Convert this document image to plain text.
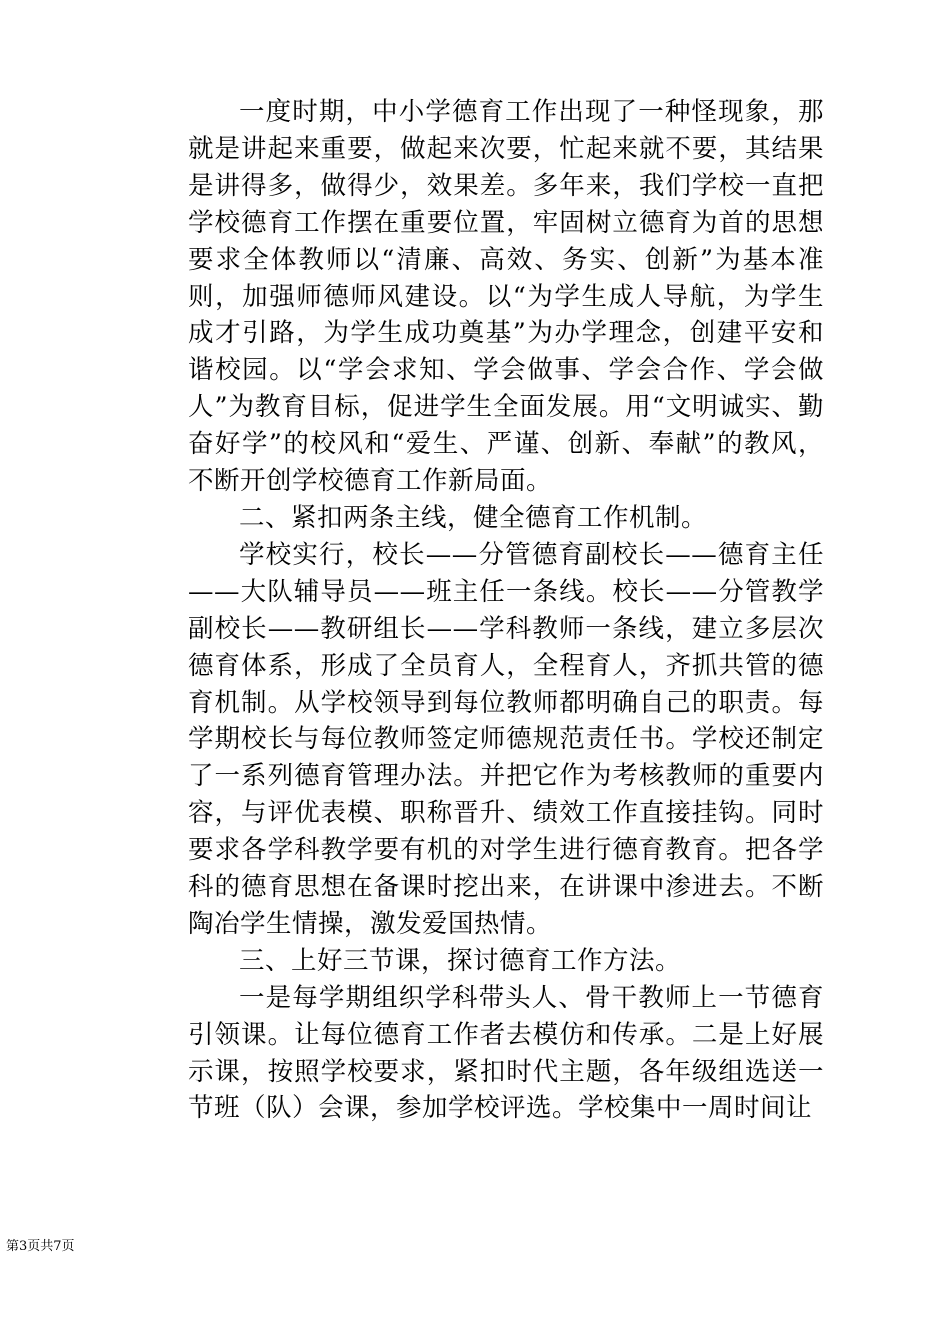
一度时期，中小学德育工作出现了一种怪现象，那就是讲起来重要，做起来次要，忙起来就不要，其结果是讲得多，做得少，效果差。多年来，我们学校一直把学校德育工作摆在重要位置，牢固树立德育为首的思想要求全体教师以“清廉、高效、务实、创新”为基本准则，加强师德师风建设。以“为学生成人导航，为学生成才引路，为学生成功奠基”为办学理念，创建平安和谐校园。以“学会求知、学会做事、学会合作、学会做人”为教育目标，促进学生全面发展。用“文明诚实、勤奋好学”的校风和“爱生、严谨、创新、奉献”的教风，不断开创学校德育工作新局面。

二、紧扣两条主线，健全德育工作机制。

学校实行，校长——分管德育副校长——德育主任——大队辅导员——班主任一条线。校长——分管教学副校长——教研组长——学科教师一条线，建立多层次德育体系，形成了全员育人，全程育人，齐抓共管的德育机制。从学校领导到每位教师都明确自己的职责。每学期校长与每位教师签定师德规范责任书。学校还制定了一系列德育管理办法。并把它作为考核教师的重要内容，与评优表模、职称晋升、绩效工作直接挂钩。同时要求各学科教学要有机的对学生进行德育教育。把各学科的德育思想在备课时挖出来，在讲课中渗进去。不断陶冶学生情操，激发爱国热情。

三、上好三节课，探讨德育工作方法。

一是每学期组织学科带头人、骨干教师上一节德育引领课。让每位德育工作者去模仿和传承。二是上好展示课，按照学校要求，紧扣时代主题，各年级组选送一节班（队）会课，参加学校评选。学校集中一周时间让

第3页共7页
